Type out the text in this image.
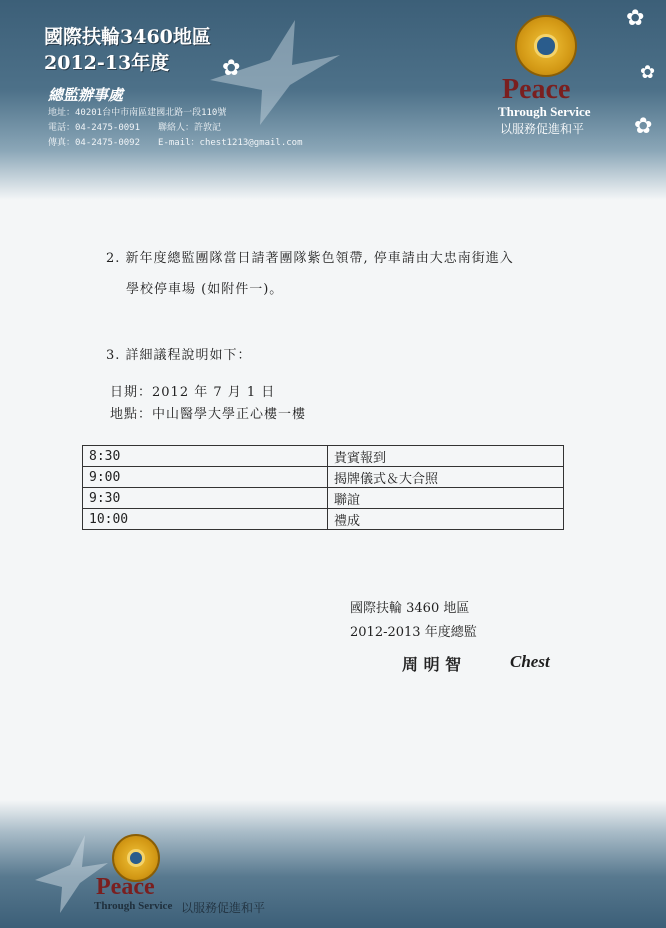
✿
✿
✿
✿
國際扶輪3460地區
2012-13年度
總監辦事處
地址：40201台中市南區建國北路一段110號
電話：04-2475-0091 聯絡人：許敦記
傳真：04-2475-0092 E-mail：chest1213@gmail.com
Peace
Through Service
以服務促進和平
2. 新年度總監團隊當日請著團隊紫色領帶, 停車請由大忠南街進入
學校停車場 (如附件一)。
3. 詳細議程說明如下：
日期：2012 年 7 月 1 日
地點：中山醫學大學正心樓一樓
8:30	貴賓報到
9:00	揭牌儀式＆大合照
9:30	聯誼
10:00	禮成
國際扶輪 3460 地區
2012-2013 年度總監
周 明 智	Chest
Peace
Through Service 以服務促進和平
